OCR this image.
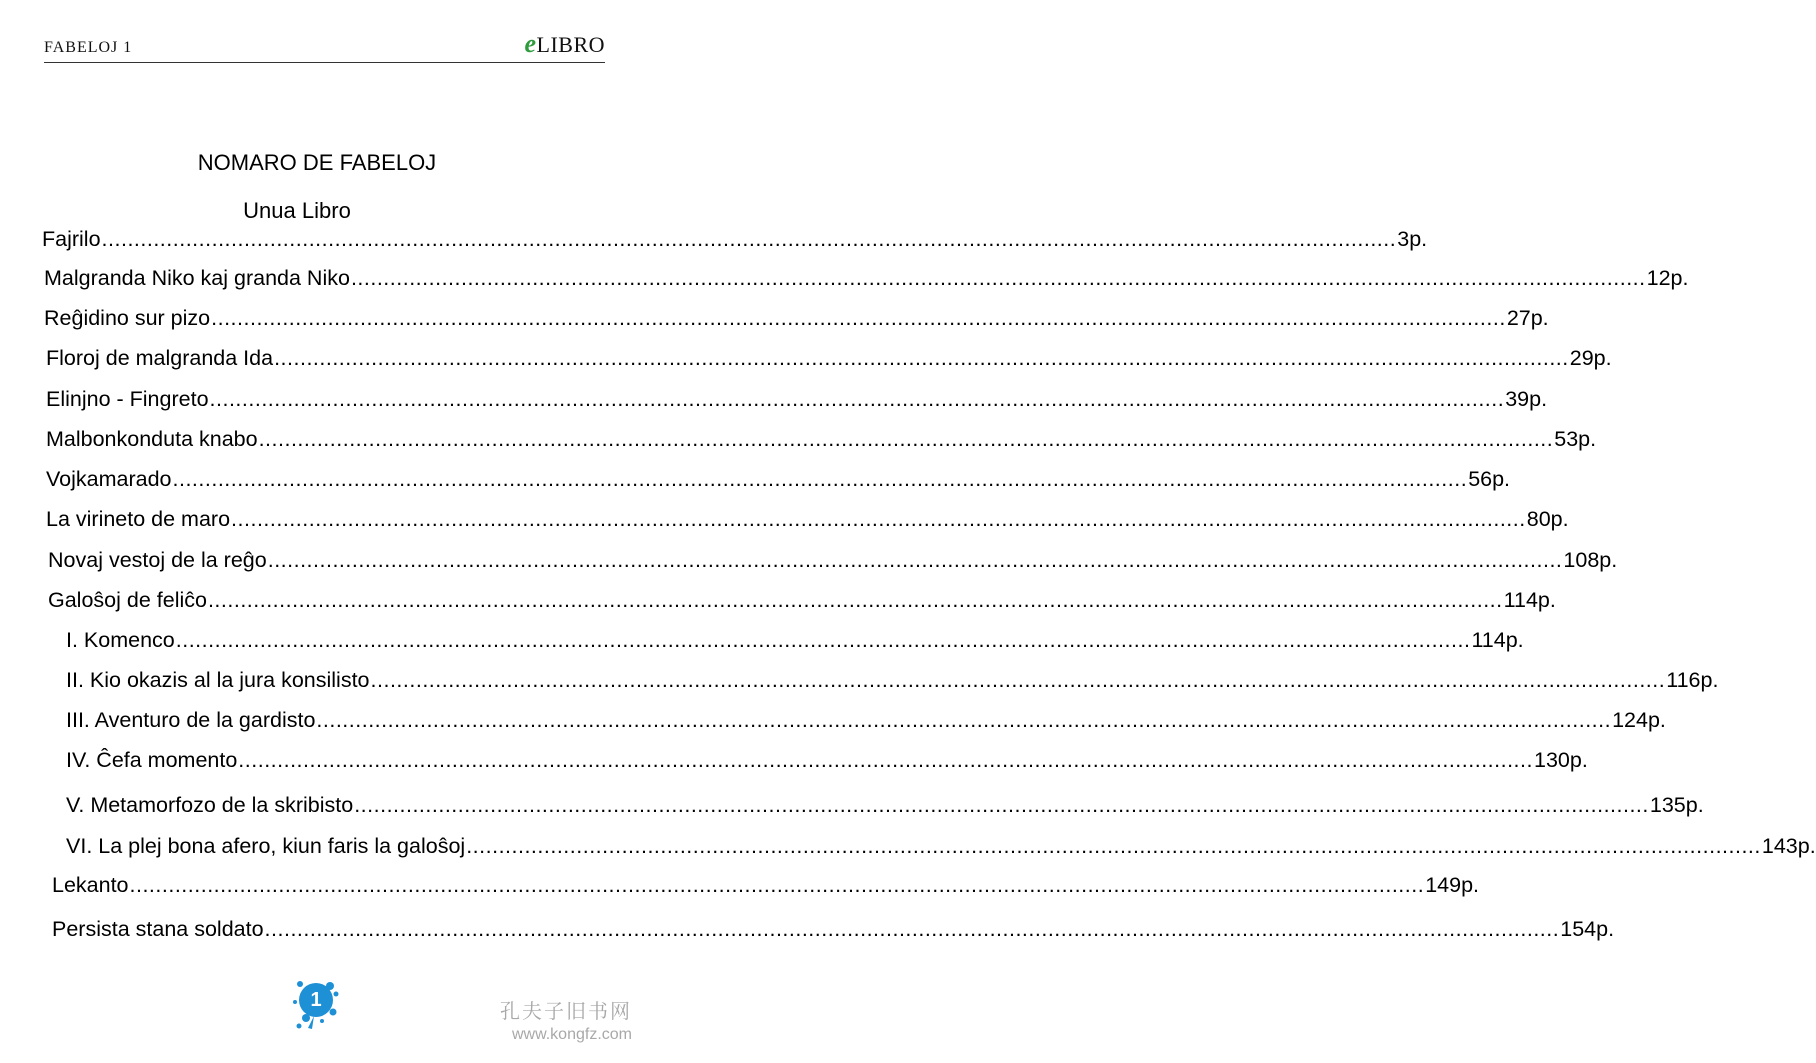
FABELOJ 1	eLIBRO
NOMARO DE FABELOJ
Unua Libro
Fajrilo ........................................................................................................................................................................................................ 3p.
Malgranda Niko kaj granda Niko ........................................................................................................................................................................................................ 12p.
Reĝidino sur pizo ........................................................................................................................................................................................................ 27p.
Floroj de malgranda Ida ........................................................................................................................................................................................................ 29p.
Elinjno - Fingreto ........................................................................................................................................................................................................ 39p.
Malbonkonduta knabo ........................................................................................................................................................................................................ 53p.
Vojkamarado ........................................................................................................................................................................................................ 56p.
La virineto de maro ........................................................................................................................................................................................................ 80p.
Novaj vestoj de la reĝo ........................................................................................................................................................................................................ 108p.
Galoŝoj de feliĉo ........................................................................................................................................................................................................ 114p.
I. Komenco ........................................................................................................................................................................................................ 114p.
II. Kio okazis al la jura konsilisto ........................................................................................................................................................................................................ 116p.
III. Aventuro de la gardisto ........................................................................................................................................................................................................ 124p.
IV. Ĉefa momento ........................................................................................................................................................................................................ 130p.
V. Metamorfozo de la skribisto ........................................................................................................................................................................................................ 135p.
VI. La plej bona afero, kiun faris la galoŝoj ........................................................................................................................................................................................................ 143p.
Lekanto ........................................................................................................................................................................................................ 149p.
Persista stana soldato ........................................................................................................................................................................................................ 154p.
1	孔夫子旧书网
www.kongfz.com
